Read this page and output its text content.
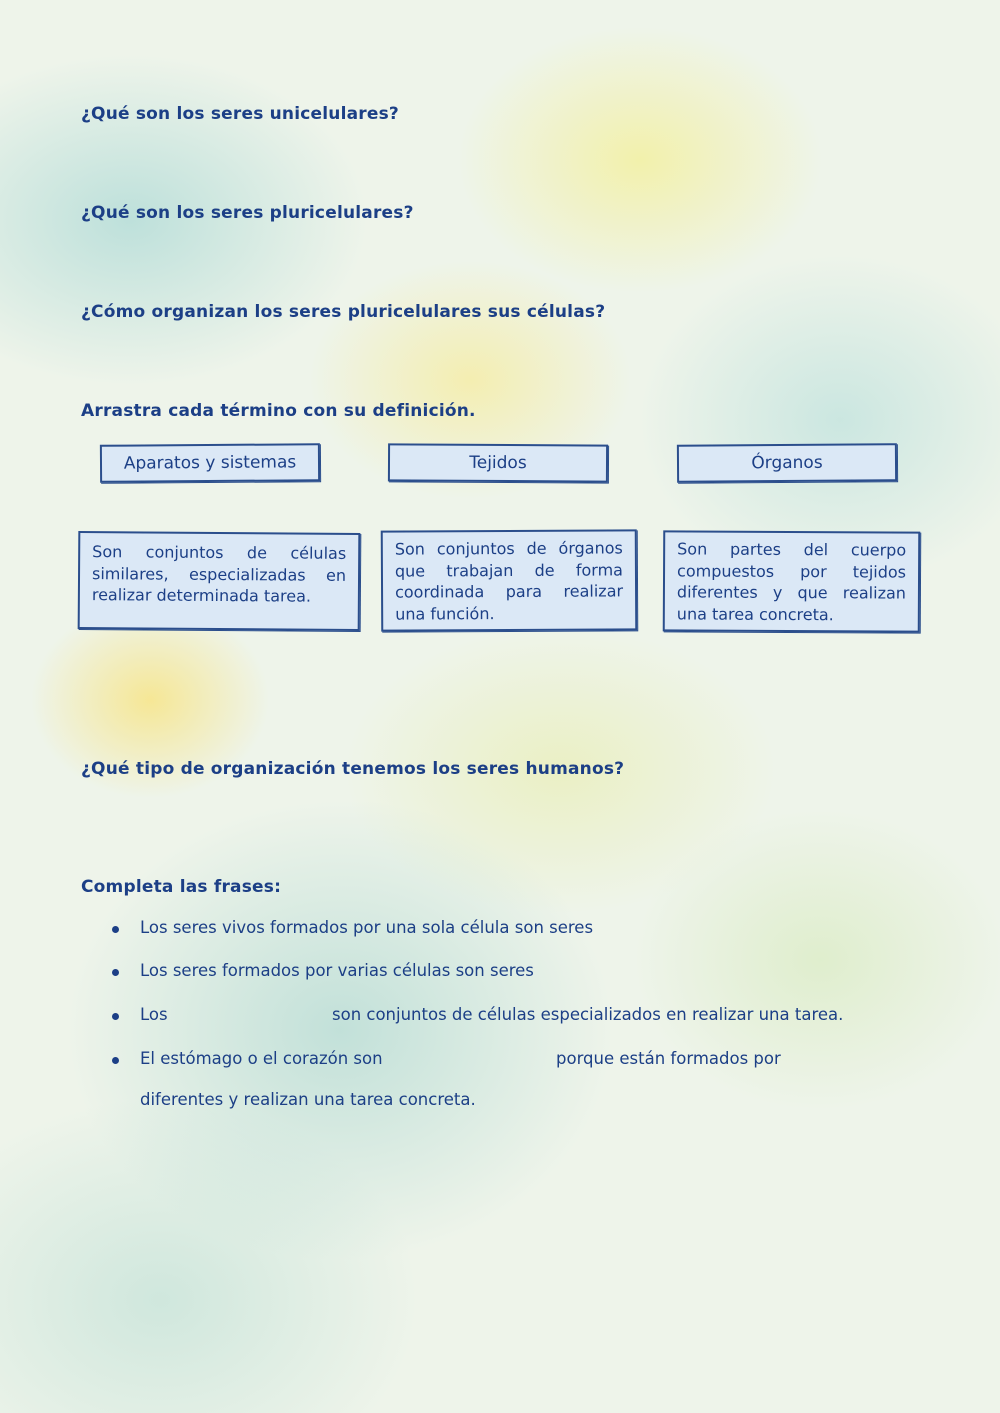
¿Qué son los seres unicelulares?
¿Qué son los seres pluricelulares?
¿Cómo organizan los seres pluricelulares sus células?
Arrastra cada término con su definición.
Aparatos y sistemas	Tejidos	Órganos
Son conjuntos de células similares, especializadas en realizar determinada tarea.
Son conjuntos de órganos que trabajan de forma coordinada para realizar una función.
Son partes del cuerpo compuestos por tejidos diferentes y que realizan una tarea concreta.
¿Qué tipo de organización tenemos los seres humanos?
Completa las frases:
Los seres vivos formados por una sola célula son seres
Los seres formados por varias células son seres
Los	son conjuntos de células especializados en realizar una tarea.
El estómago o el corazón son	porque están formados por
diferentes y realizan una tarea concreta.
